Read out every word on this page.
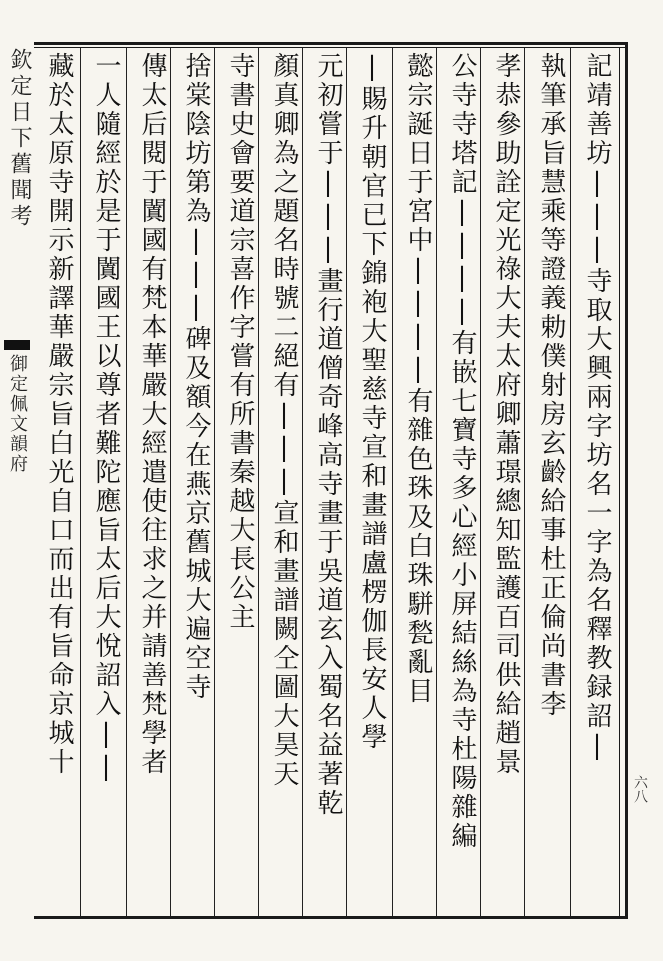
欽定日下舊聞考
御定佩文韻府
六八
記靖善坊|||寺取大興兩字坊名一字為名釋教録詔|
執筆承旨慧乘等證義勅僕射房玄齡給事杜正倫尚書李
孝恭參助詮定光祿大夫太府卿蕭璟總知監護百司供給趙景
公寺寺塔記||||有嵌七寶寺多心經小屏結絲為寺杜陽雜編
懿宗誕日于宮中||||有雜色珠及白珠駢甃亂目
|賜升朝官已下錦袍大聖慈寺宣和畫譜盧楞伽長安人學
元初嘗于|||畫行道僧奇峰高寺畫于吳道玄入蜀名益著乾
顏真卿為之題名時號二絕有|||宣和畫譜闕仝圖大昊天
寺書史會要道宗喜作字嘗有所書秦越大長公主
捨棠陰坊第為|||碑及額今在燕京舊城大遍空寺
傳太后閱于闐國有梵本華嚴大經遣使往求之并請善梵學者
一人隨經於是于闐國王以尊者難陀應旨太后大悅詔入||
藏於太原寺開示新譯華嚴宗旨白光自口而出有旨命京城十
